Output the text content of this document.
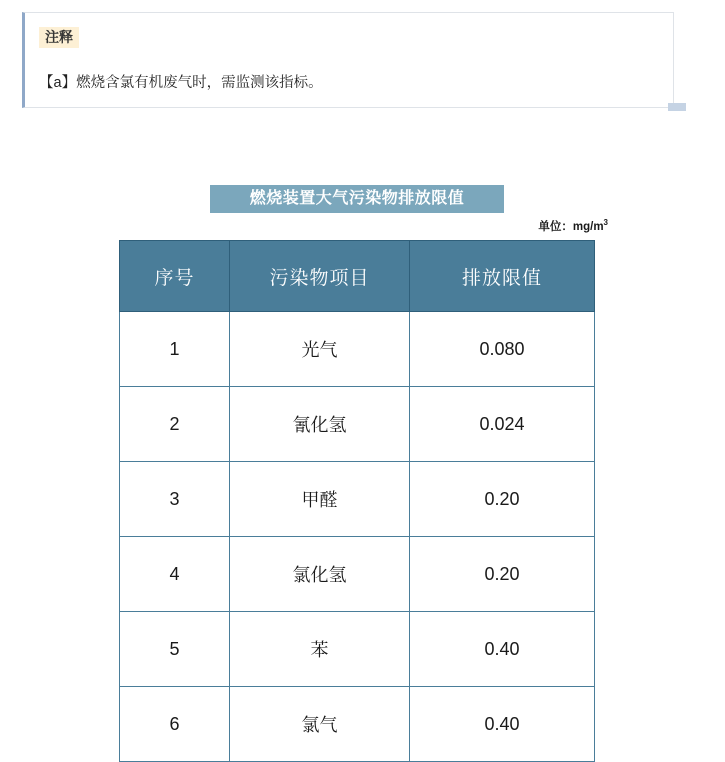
注释
【a】燃烧含氯有机废气时，需监测该指标。
燃烧装置大气污染物排放限值
单位：$mg/m^3$
序号	污染物项目	排放限值
1	光气	0.080
2	氰化氢	0.024
3	甲醛	0.20
4	氯化氢	0.20
5	苯	0.40
6	氯气	0.40
